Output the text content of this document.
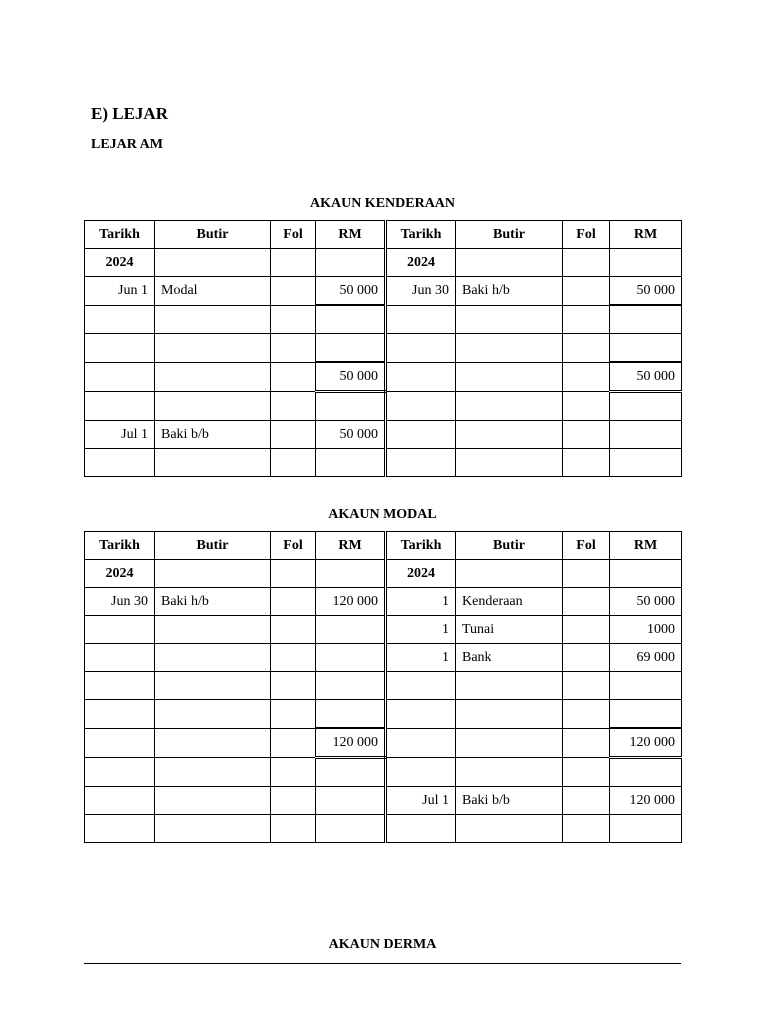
E) LEJAR
LEJAR AM
AKAUN KENDERAAN
Tarikh	Butir	Fol	RM	Tarikh	Butir	Fol	RM
2024				2024			
Jun 1	Modal		50 000	Jun 30	Baki h/b		50 000

			50 000				50 000

Jul 1	Baki b/b		50 000				

AKAUN MODAL
Tarikh	Butir	Fol	RM	Tarikh	Butir	Fol	RM
2024				2024			
Jun 30	Baki h/b		120 000	1	Kenderaan		50 000
				1	Tunai		1000
				1	Bank		69 000

			120 000				120 000

				Jul 1	Baki b/b		120 000

AKAUN DERMA
